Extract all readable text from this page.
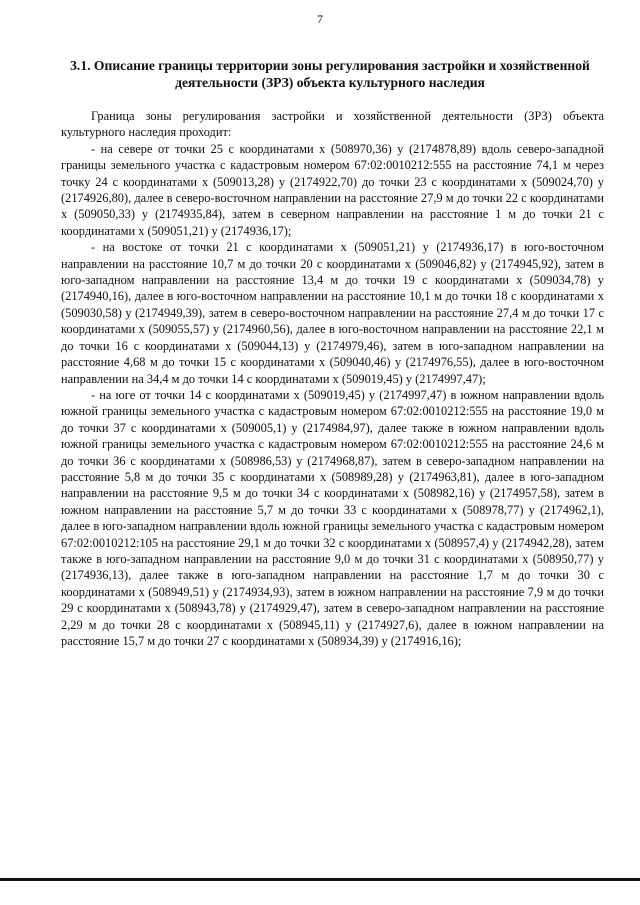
7
3.1. Описание границы территории зоны регулирования застройки и хозяйственной деятельности (ЗРЗ) объекта культурного наследия

Граница зоны регулирования застройки и хозяйственной деятельности (ЗРЗ) объекта культурного наследия проходит:

- на севере от точки 25 с координатами x (508970,36) y (2174878,89) вдоль северо-западной границы земельного участка с кадастровым номером 67:02:0010212:555 на расстояние 74,1 м через точку 24 с координатами x (509013,28) y (2174922,70) до точки 23 с координатами x (509024,70) y (2174926,80), далее в северо-восточном направлении на расстояние 27,9 м до точки 22 с координатами x (509050,33) y (2174935,84), затем в северном направлении на расстояние 1 м до точки 21 с координатами x (509051,21) y (2174936,17);

- на востоке от точки 21 с координатами x (509051,21) y (2174936,17) в юго-восточном направлении на расстояние 10,7 м до точки 20 с координатами x (509046,82) y (2174945,92), затем в юго-западном направлении на расстояние 13,4 м до точки 19 с координатами x (509034,78) y (2174940,16), далее в юго-восточном направлении на расстояние 10,1 м до точки 18 с координатами x (509030,58) y (2174949,39), затем в северо-восточном направлении на расстояние 27,4 м до точки 17 с координатами x (509055,57) y (2174960,56), далее в юго-восточном направлении на расстояние 22,1 м до точки 16 с координатами x (509044,13) y (2174979,46), затем в юго-западном направлении на расстояние 4,68 м до точки 15 с координатами x (509040,46) y (2174976,55), далее в юго-восточном направлении на 34,4 м до точки 14 с координатами x (509019,45) y (2174997,47);

- на юге от точки 14 с координатами x (509019,45) y (2174997,47) в южном направлении вдоль южной границы земельного участка с кадастровым номером 67:02:0010212:555 на расстояние 19,0 м до точки 37 с координатами x (509005,1) y (2174984,97), далее также в южном направлении вдоль южной границы земельного участка с кадастровым номером 67:02:0010212:555 на расстояние 24,6 м до точки 36 с координатами x (508986,53) y (2174968,87), затем в северо-западном направлении на расстояние 5,8 м до точки 35 с координатами x (508989,28) y (2174963,81), далее в юго-западном направлении на расстояние 9,5 м до точки 34 с координатами x (508982,16) y (2174957,58), затем в южном направлении на расстояние 5,7 м до точки 33 с координатами x (508978,77) y (2174962,1), далее в юго-западном направлении вдоль южной границы земельного участка с кадастровым номером 67:02:0010212:105 на расстояние 29,1 м до точки 32 с координатами x (508957,4) y (2174942,28), затем также в юго-западном направлении на расстояние 9,0 м до точки 31 с координатами x (508950,77) y (2174936,13), далее также в юго-западном направлении на расстояние 1,7 м до точки 30 с координатами x (508949,51) y (2174934,93), затем в южном направлении на расстояние 7,9 м до точки 29 с координатами x (508943,78) y (2174929,47), затем в северо-западном направлении на расстояние 2,29 м до точки 28 с координатами x (508945,11) y (2174927,6), далее в южном направлении на расстояние 15,7 м до точки 27 с координатами x (508934,39) y (2174916,16);
